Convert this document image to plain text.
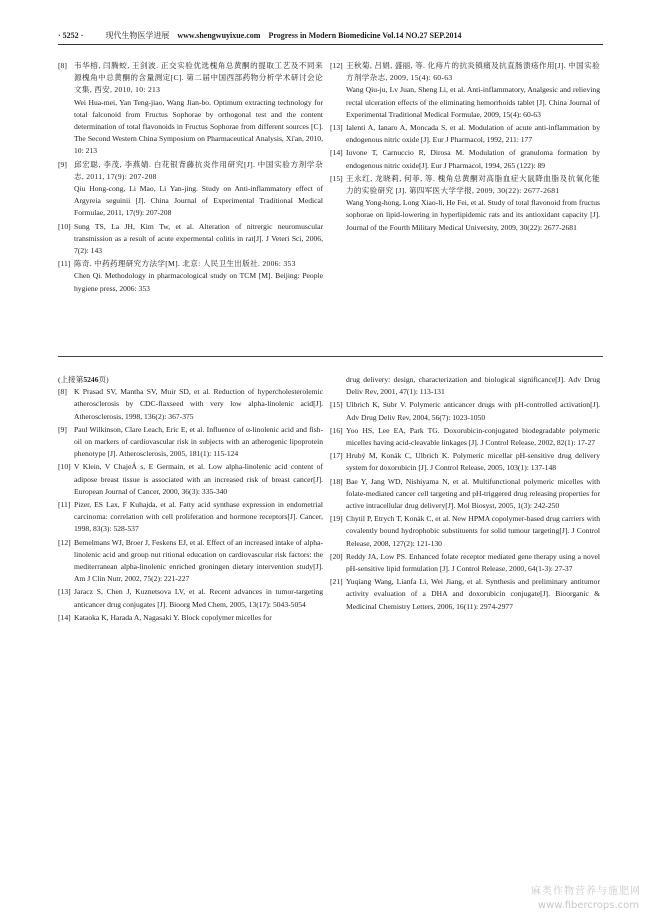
· 5252 ·	现代生物医学进展 www.shengwuyixue.com Progress in Modern Biomedicine Vol.14 NO.27 SEP.2014
[8] 韦华榕, 闫腾蛟, 王剑波. 正交实验优选槐角总黄酮的提取工艺及不同来源槐角中总黄酮的含量测定[C]. 第二届中国西部药物分析学术研讨会论文集, 西安, 2010, 10: 213
Wei Hua-mei, Yan Teng-jiao, Wang Jian-bo. Optimum extracting technology for total falconoid from Fructus Sophorae by orthogonal test and the content determination of total flavonoids in Fructus Sophorae from different sources [C]. The Second Western China Symposium on Pharmaceutical Analysis, Xi'an, 2010, 10: 213
[9] 邱宏聪, 李茂, 李燕婧. 白花银背藤抗炎作用研究[J]. 中国实验方剂学杂志, 2011, 17(9): 207-208
Qiu Hong-cong, Li Mao, Li Yan-jing. Study on Anti-inflammatory effect of Argyreia seguinii [J]. China Journal of Experimental Traditional Medical Formulae, 2011, 17(9): 207-208
[10] Sung TS, La JH, Kim Tw, et al. Alteration of nitrergic neuromuscular transmission as a result of acute expermental colitis in rat[J]. J Veteri Sci, 2006, 7(2): 143
[11] 陈奇. 中药药理研究方法学[M]. 北京: 人民卫生出版社. 2006: 353
Chen Qi. Methodology in pharmacological study on TCM [M]. Beijing: People hygiene press, 2006: 353
[12] 王秋菊, 吕娟, 盛丽, 等. 化痔片的抗炎镇痛及抗直肠溃疡作用[J]. 中国实验方剂学杂志, 2009, 15(4): 60-63
Wang Qiu-ju, Lv Juan, Sheng Li, et al. Anti-inflammatory, Analgesic and relieving rectal ulceration effects of the eliminating hemorrhoids tablet [J]. China Journal of Experimental Traditional Medical Formulae, 2009, 15(4): 60-63
[13] Ialenti A, Ianaro A, Moncada S, et al. Modulation of acute anti-inflammation by endogenous nitric oxide [J]. Eur J Pharmacol, 1992, 211: 177
[14] Iuvone T, Carnuccio R, Dirosa M. Modulation of granuloma formation by endogenous nitric oxide[J]. Eur J Pharmacol, 1994, 265 (122): 89
[15] 王永红, 龙晓莉, 何菲, 等. 槐角总黄酮对高脂血症大鼠降血脂及抗氧化能力的实验研究 [J]. 第四军医大学学报, 2009, 30(22): 2677-2681
Wang Yong-hong, Long Xiao-li, He Fei, et al. Study of total flavonoid from fructus sophorae on lipid-lowering in hyperlipidemic rats and its antioxidant capacity [J]. Journal of the Fourth Military Medical University, 2009, 30(22): 2677-2681
(上接第5246页)
[8] K Prasad SV, Mantha SV, Muir SD, et al. Reduction of hypercholesterolemic atherosclerosis by CDC-flaxseed with very low alpha-linolenic acid[J]. Atherosclerosis, 1998, 136(2): 367-375
[9] Paul Wilkinson, Clare Leach, Eric E, et al. Influence of α-linolenic acid and fish-oil on markers of cardiovascular risk in subjects with an atherogenic lipoprotein phenotype [J]. Atherosclerosis, 2005, 181(1): 115-124
[10] V Klein, V ChajeÁ s, E Germain, et al. Low alpha-linolenic acid content of adipose breast tissue is associated with an increased risk of breast cancer[J]. European Journal of Cancer, 2000, 36(3): 335-340
[11] Pizer, ES Lax, F Kuhajda, et al. Fatty acid synthase expression in endometrial carcinoma: correlation with cell proliferation and hormone receptors[J]. Cancer, 1998, 83(3): 528-537
[12] Bemelmans WJ, Broer J, Feskens EJ, et al. Effect of an increased intake of alpha-linolenic acid and group nut ritional education on cardiovascular risk factors: the mediterranean alpha-linolenic enriched groningen dietary intervention study[J]. Am J Clin Nutr, 2002, 75(2): 221-227
[13] Jaracz S, Chen J, Kuznetsova LV, et al. Recent advances in tumor-targeting anticancer drug conjugates [J]. Bioorg Med Chem, 2005, 13(17): 5043-5054
[14] Kataoka K, Harada A, Nagasaki Y. Block copolymer micelles for
drug delivery: design, characterization and biological significance[J]. Adv Drug Deliv Rev, 2001, 47(1): 113-131
[15] Ulbrich K, Subr V. Polymeric anticancer drugs with pH-controlled activation[J]. Adv Drug Deliv Rev, 2004, 56(7): 1023-1050
[16] Yoo HS, Lee EA, Park TG. Doxorubicin-conjugated biodegradable polymeric micelles having acid-cleavable linkages [J]. J Control Release, 2002, 82(1): 17-27
[17] Hrubý M, Konák C, Ulbrich K. Polymeric micellar pH-sensitive drug delivery system for doxorubicin [J]. J Control Release, 2005, 103(1): 137-148
[18] Bae Y, Jang WD, Nishiyama N, et al. Multifunctional polymeric micelles with folate-mediated cancer cell targeting and pH-triggered drug releasing properties for active intracellular drug delivery[J]. Mol Biosyst, 2005, 1(3): 242-250
[19] Chytil P, Etrych T, Konák C, et al. New HPMA copolymer-based drug carriers with covalently bound hydrophobic substituents for solid tumour targeting[J]. J Control Release, 2008, 127(2): 121-130
[20] Reddy JA, Low PS. Enhanced folate receptor mediated gene therapy using a novel pH-sensitive lipid formulation [J]. J Control Release, 2000, 64(1-3): 27-37
[21] Yuqiang Wang, Lianfa Li, Wei Jiang, et al. Synthesis and preliminary antitumor activity evaluation of a DHA and doxorubicin conjugate[J]. Bioorganic & Medicinal Chemistry Letters, 2006, 16(11): 2974-2977
麻类作物营养与施肥网
www.fibercrops.com
